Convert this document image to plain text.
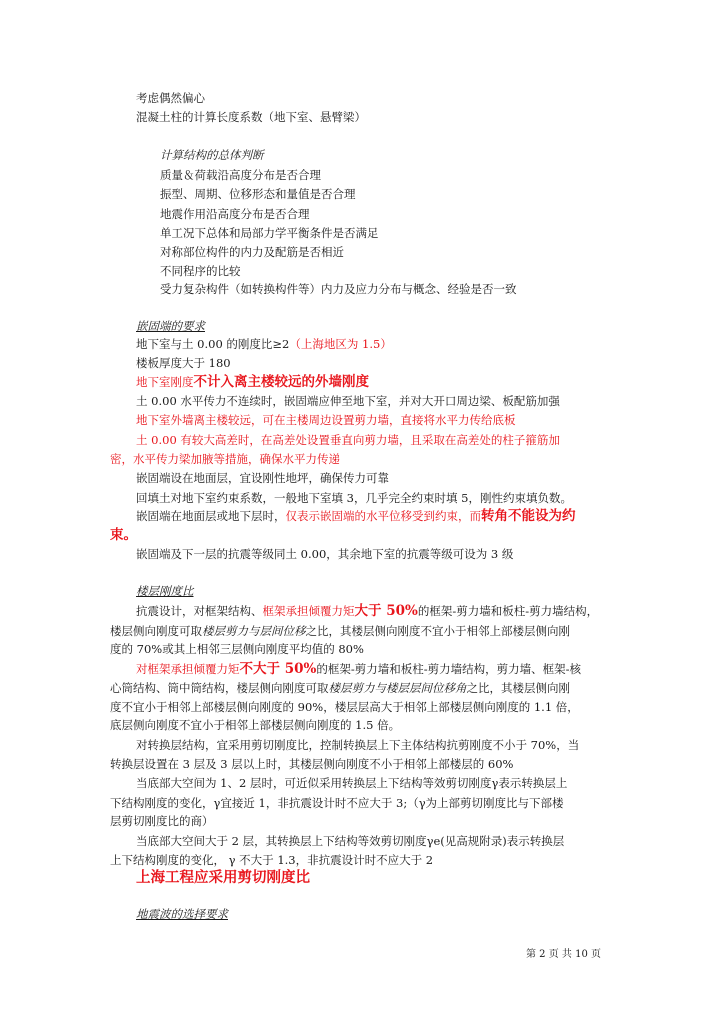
考虑偶然偏心
混凝土柱的计算长度系数（地下室、悬臂梁）
计算结构的总体判断
质量＆荷载沿高度分布是否合理
振型、周期、位移形态和量值是否合理
地震作用沿高度分布是否合理
单工况下总体和局部力学平衡条件是否满足
对称部位构件的内力及配筋是否相近
不同程序的比较
受力复杂构件（如转换构件等）内力及应力分布与概念、经验是否一致
嵌固端的要求
地下室与土 0.00 的刚度比≥2（上海地区为 1.5）
楼板厚度大于 180
地下室刚度不计入离主楼较远的外墙刚度
土 0.00 水平传力不连续时，嵌固端应伸至地下室，并对大开口周边梁、板配筋加强
地下室外墙离主楼较远，可在主楼周边设置剪力墙，直接将水平力传给底板
土 0.00 有较大高差时，在高差处设置垂直向剪力墙，且采取在高差处的柱子箍筋加
密，水平传力梁加腋等措施，确保水平力传递
嵌固端设在地面层，宜设刚性地坪，确保传力可靠
回填土对地下室约束系数，一般地下室填 3，几乎完全约束时填 5，刚性约束填负数。
嵌固端在地面层或地下层时，仅表示嵌固端的水平位移受到约束，而转角不能设为约
束。
嵌固端及下一层的抗震等级同土 0.00，其余地下室的抗震等级可设为 3 级
楼层刚度比
抗震设计，对框架结构、框架承担倾覆力矩大于 50%的框架-剪力墙和板柱-剪力墙结构，
楼层侧向刚度可取楼层剪力与层间位移之比，其楼层侧向刚度不宜小于相邻上部楼层侧向刚
度的 70%或其上相邻三层侧向刚度平均值的 80%
对框架承担倾覆力矩不大于 50%的框架-剪力墙和板柱-剪力墙结构，剪力墙、框架-核
心筒结构、筒中筒结构，楼层侧向刚度可取楼层剪力与楼层层间位移角之比，其楼层侧向刚
度不宜小于相邻上部楼层侧向刚度的 90%，楼层层高大于相邻上部楼层侧向刚度的 1.1 倍，
底层侧向刚度不宜小于相邻上部楼层侧向刚度的 1.5 倍。
对转换层结构，宜采用剪切刚度比，控制转换层上下主体结构抗剪刚度不小于 70%，当
转换层设置在 3 层及 3 层以上时，其楼层侧向刚度不小于相邻上部楼层的 60%
当底部大空间为 1、2 层时，可近似采用转换层上下结构等效剪切刚度γ表示转换层上
下结构刚度的变化，γ宜接近 1，非抗震设计时不应大于 3;（γ为上部剪切刚度比与下部楼
层剪切刚度比的商）
当底部大空间大于 2 层，其转换层上下结构等效剪切刚度γe(见高规附录)表示转换层
上下结构刚度的变化， γ 不大于 1.3，非抗震设计时不应大于 2
上海工程应采用剪切刚度比
地震波的选择要求
第 2 页 共 10 页
